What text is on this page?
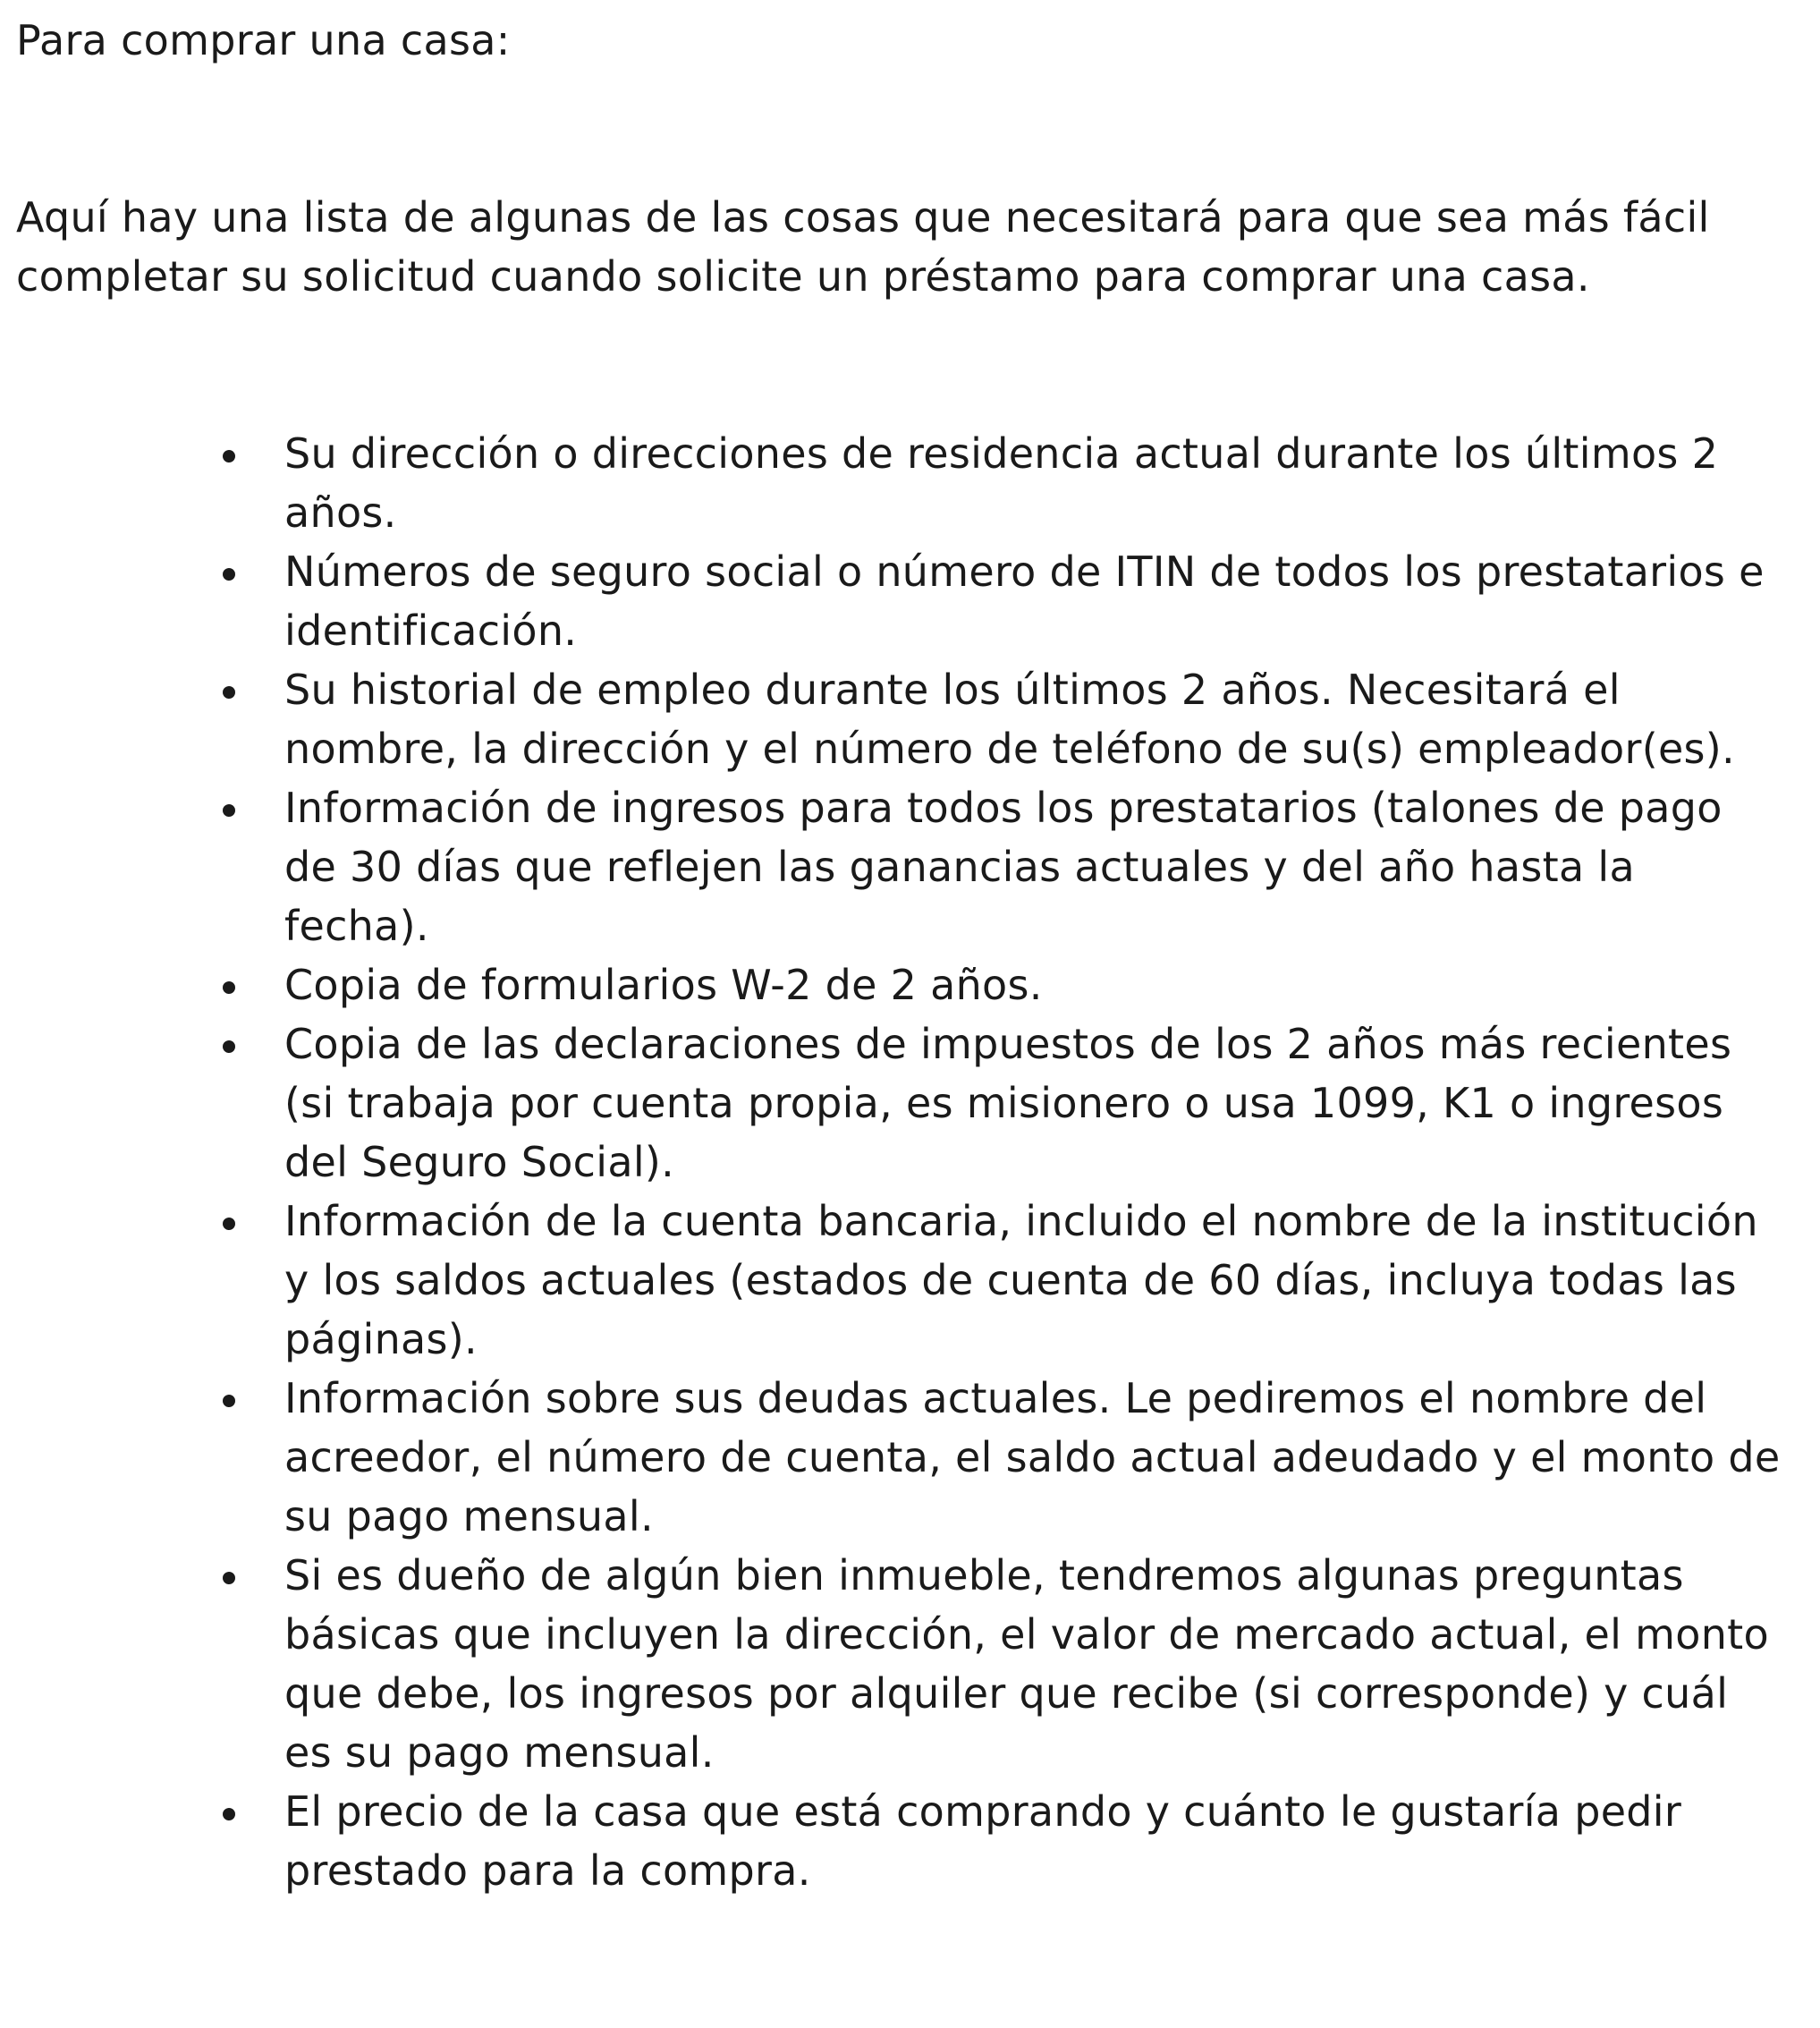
Para comprar una casa:

Aquí hay una lista de algunas de las cosas que necesitará para que sea más fácil completar su solicitud cuando solicite un préstamo para comprar una casa.

Su dirección o direcciones de residencia actual durante los últimos 2 años.
Números de seguro social o número de ITIN de todos los prestatarios e identificación.
Su historial de empleo durante los últimos 2 años. Necesitará el nombre, la dirección y el número de teléfono de su(s) empleador(es).
Información de ingresos para todos los prestatarios (talones de pago de 30 días que reflejen las ganancias actuales y del año hasta la fecha).
Copia de formularios W-2 de 2 años.
Copia de las declaraciones de impuestos de los 2 años más recientes (si trabaja por cuenta propia, es misionero o usa 1099, K1 o ingresos del Seguro Social).
Información de la cuenta bancaria, incluido el nombre de la institución y los saldos actuales (estados de cuenta de 60 días, incluya todas las páginas).
Información sobre sus deudas actuales. Le pediremos el nombre del acreedor, el número de cuenta, el saldo actual adeudado y el monto de su pago mensual.
Si es dueño de algún bien inmueble, tendremos algunas preguntas básicas que incluyen la dirección, el valor de mercado actual, el monto que debe, los ingresos por alquiler que recibe (si corresponde) y cuál es su pago mensual.
El precio de la casa que está comprando y cuánto le gustaría pedir prestado para la compra.
